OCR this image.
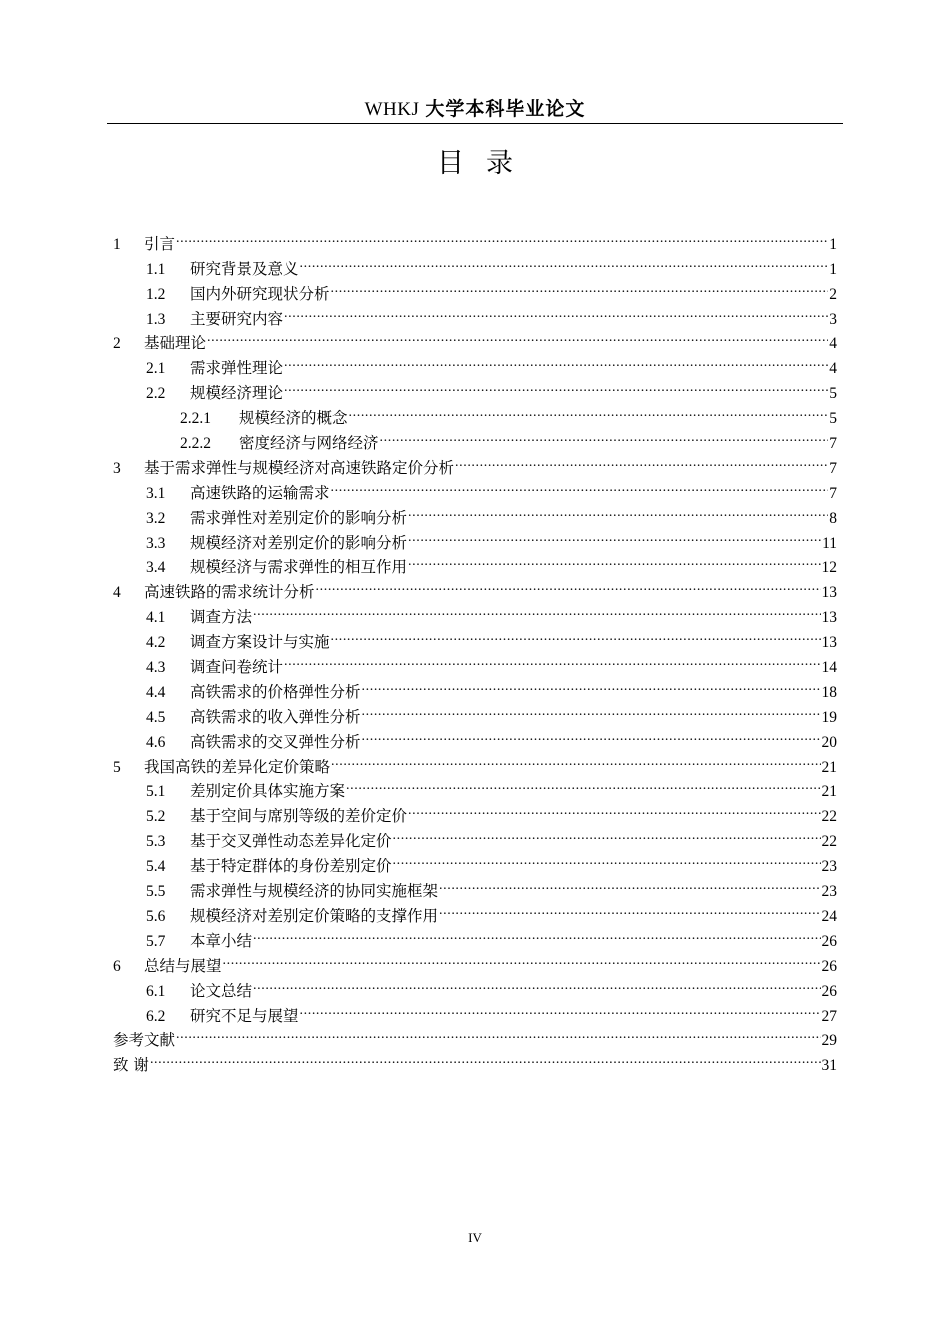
WHKJ 大学本科毕业论文
目录
1	引言 .....	1
1.1	研究背景及意义 .....	1
1.2	国内外研究现状分析 .....	2
1.3	主要研究内容 .....	3
2	基础理论 .....	4
2.1	需求弹性理论 .....	4
2.2	规模经济理论 .....	5
2.2.1	规模经济的概念 .....	5
2.2.2	密度经济与网络经济 .....	7
3	基于需求弹性与规模经济对高速铁路定价分析 .....	7
3.1	高速铁路的运输需求 .....	7
3.2	需求弹性对差别定价的影响分析 .....	8
3.3	规模经济对差别定价的影响分析 .....	11
3.4	规模经济与需求弹性的相互作用 .....	12
4	高速铁路的需求统计分析 .....	13
4.1	调查方法 .....	13
4.2	调查方案设计与实施 .....	13
4.3	调查问卷统计 .....	14
4.4	高铁需求的价格弹性分析 .....	18
4.5	高铁需求的收入弹性分析 .....	19
4.6	高铁需求的交叉弹性分析 .....	20
5	我国高铁的差异化定价策略 .....	21
5.1	差别定价具体实施方案 .....	21
5.2	基于空间与席别等级的差价定价 .....	22
5.3	基于交叉弹性动态差异化定价 .....	22
5.4	基于特定群体的身份差别定价 .....	23
5.5	需求弹性与规模经济的协同实施框架 .....	23
5.6	规模经济对差别定价策略的支撑作用 .....	24
5.7	本章小结 .....	26
6	总结与展望 .....	26
6.1	论文总结 .....	26
6.2	研究不足与展望 .....	27
参考文献 .....	29
致 谢 .....	31
IV
